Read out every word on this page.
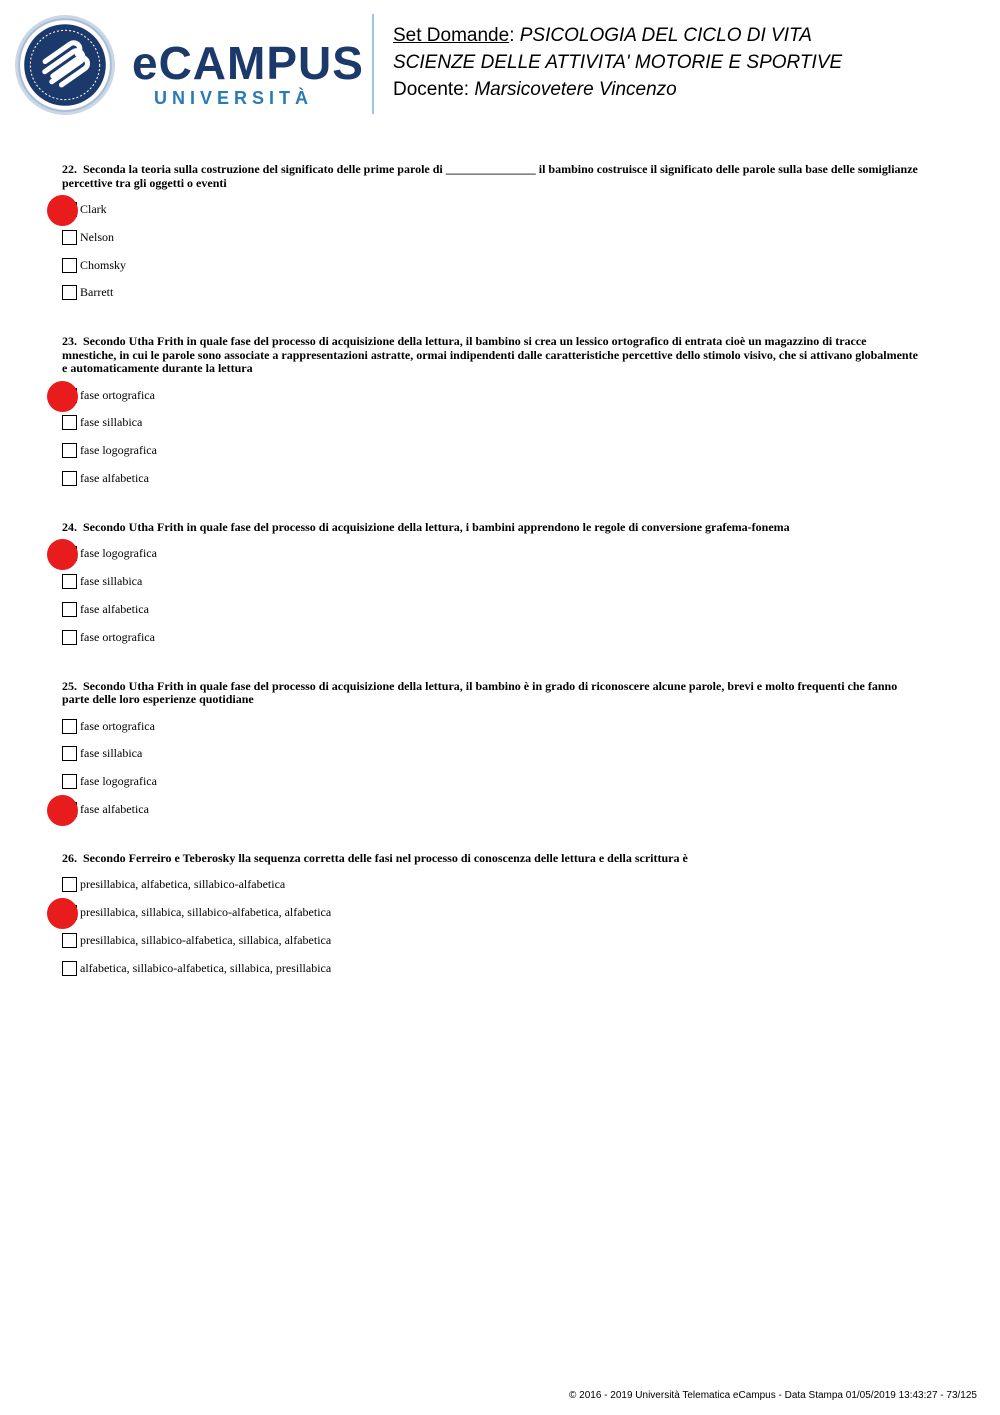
eCAMPUS
UNIVERSITÀ
Set Domande: PSICOLOGIA DEL CICLO DI VITA
SCIENZE DELLE ATTIVITA' MOTORIE E SPORTIVE
Docente: Marsicovetere Vincenzo
22. Seconda la teoria sulla costruzione del significato delle prime parole di _______________ il bambino costruisce il significato delle parole sulla base delle somiglianze percettive tra gli oggetti o eventi
Clark
Nelson
Chomsky
Barrett
23. Secondo Utha Frith in quale fase del processo di acquisizione della lettura, il bambino si crea un lessico ortografico di entrata cioè un magazzino di tracce mnestiche, in cui le parole sono associate a rappresentazioni astratte, ormai indipendenti dalle caratteristiche percettive dello stimolo visivo, che si attivano globalmente e automaticamente durante la lettura
fase ortografica
fase sillabica
fase logografica
fase alfabetica
24. Secondo Utha Frith in quale fase del processo di acquisizione della lettura, i bambini apprendono le regole di conversione grafema-fonema
fase logografica
fase sillabica
fase alfabetica
fase ortografica
25. Secondo Utha Frith in quale fase del processo di acquisizione della lettura, il bambino è in grado di riconoscere alcune parole, brevi e molto frequenti che fanno parte delle loro esperienze quotidiane
fase ortografica
fase sillabica
fase logografica
fase alfabetica
26. Secondo Ferreiro e Teberosky lla sequenza corretta delle fasi nel processo di conoscenza delle lettura e della scrittura è
presillabica, alfabetica, sillabico-alfabetica
presillabica, sillabica, sillabico-alfabetica, alfabetica
presillabica, sillabico-alfabetica, sillabica, alfabetica
alfabetica, sillabico-alfabetica, sillabica, presillabica
© 2016 - 2019 Università Telematica eCampus - Data Stampa 01/05/2019 13:43:27 - 73/125
